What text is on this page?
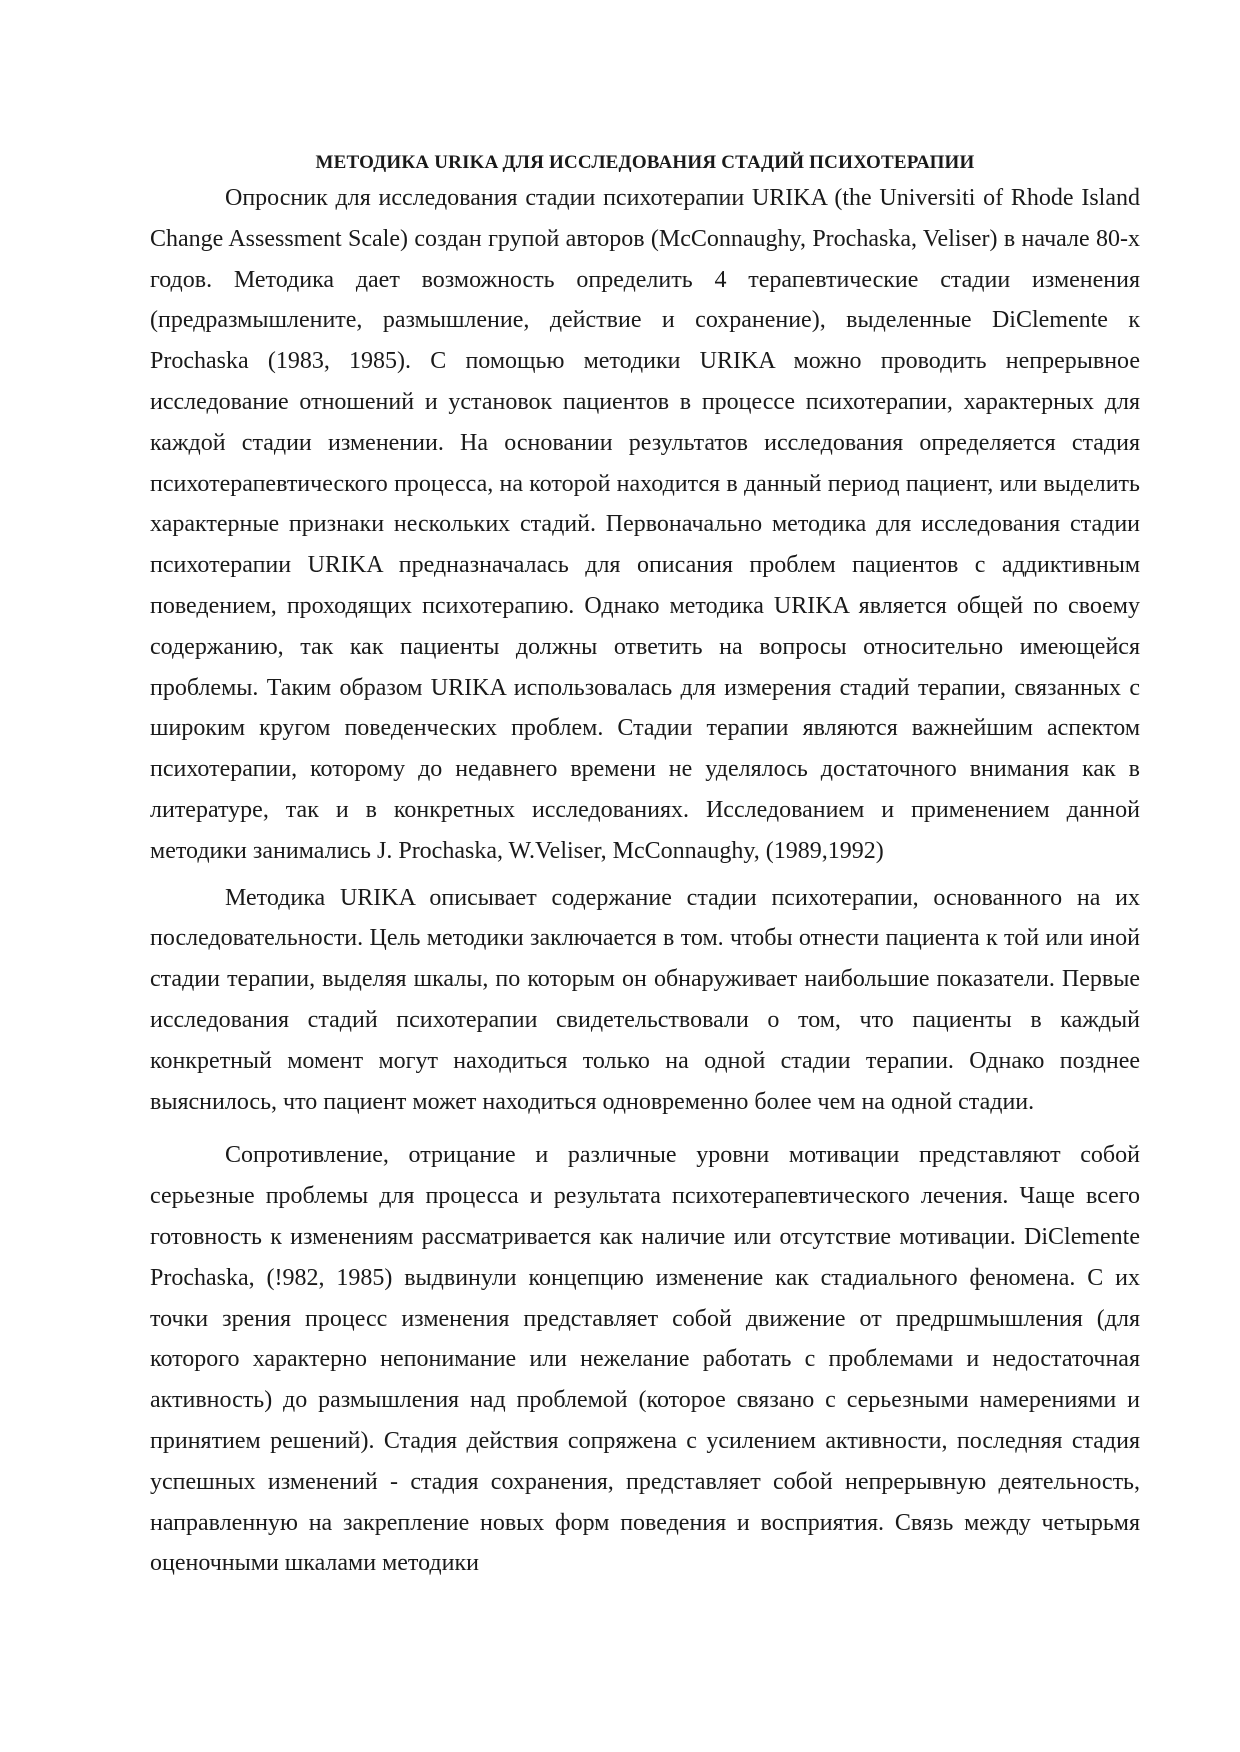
МЕТОДИКА URIKA ДЛЯ ИССЛЕДОВАНИЯ СТАДИЙ ПСИХОТЕРАПИИ

Опросник для исследования стадии психотерапии URIKA (the Universiti of Rhode Island Change Assessment Scale) создан групой авторов (McConnaughy, Prochaska, Veliser) в начале 80-х годов. Методика дает возможность определить 4 терапевтические стадии изменения (предразмышлените, размышление, действие и сохранение), выделенные DiClemente к Prochaska (1983, 1985). С помощью методики URIKA можно проводить непрерывное исследование отношений и установок пациентов в процессе психотерапии, характерных для каждой стадии изменении. На основании результатов исследования определяется стадия психотерапевтического процесса, на которой находится в данный период пациент, или выделить характерные признаки нескольких стадий. Первоначально методика для исследования стадии психотерапии URIKA предназначалась для описания проблем пациентов с аддиктивным поведением, проходящих психотерапию. Однако методика URIKA является общей по своему содержанию, так как пациенты должны ответить на вопросы относительно имеющейся проблемы. Таким образом URIKA использовалась для измерения стадий терапии, связанных с широким кругом поведенческих проблем. Стадии терапии являются важнейшим аспектом психотерапии, которому до недавнего времени не уделялось достаточного внимания как в литературе, так и в конкретных исследованиях. Исследованием и применением данной методики занимались J. Prochaska, W.Veliser, McConnaughy, (1989,1992)

Методика URIKA описывает содержание стадии психотерапии, основанного на их последовательности. Цель методики заключается в том. чтобы отнести пациента к той или иной стадии терапии, выделяя шкалы, по которым он обнаруживает наибольшие показатели. Первые исследования стадий психотерапии свидетельствовали о том, что пациенты в каждый конкретный момент могут находиться только на одной стадии терапии. Однако позднее выяснилось, что пациент может находиться одновременно более чем на одной стадии.

Сопротивление, отрицание и различные уровни мотивации представляют собой серьезные проблемы для процесса и результата психотерапевтического лечения. Чаще всего готовность к изменениям рассматривается как наличие или отсутствие мотивации. DiClemente Prochaska, (!982, 1985) выдвинули концепцию изменение как стадиального феномена. С их точки зрения процесс изменения представляет собой движение от предршмышления (для которого характерно непонимание или нежелание работать с проблемами и недостаточная активность) до размышления над проблемой (которое связано с серьезными намерениями и принятием решений). Стадия действия сопряжена с усилением активности, последняя стадия успешных изменений - стадия сохранения, представляет собой непрерывную деятельность, направленную на закрепление новых форм поведения и восприятия. Связь между четырьмя оценочными шкалами методики
